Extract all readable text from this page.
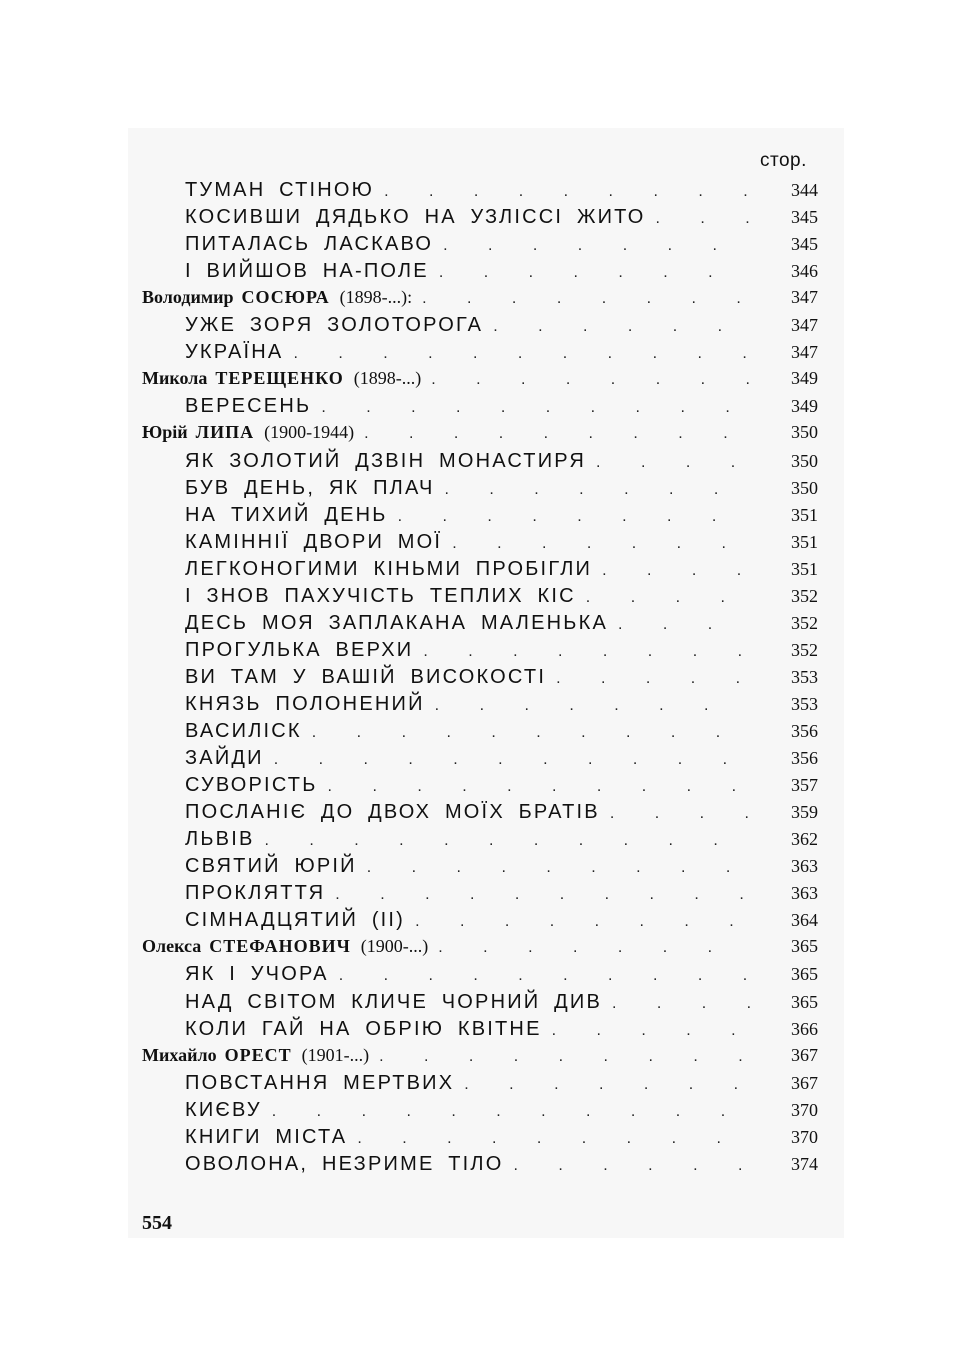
стор.
ТУМАН СТІНОЮ . . .	344
КОСИВШИ ДЯДЬКО НА УЗЛІССІ ЖИТО . . .	345
ПИТАЛАСЬ ЛАСКАВО . . .	345
І ВИЙШОВ НА-ПОЛЕ . . .	346
Володимир СОСЮРА (1898-...): . . .	347
УЖЕ ЗОРЯ ЗОЛОТОРОГА . . .	347
УКРАЇНА . . .	347
Микола ТЕРЕЩЕНКО (1898-...) . . .	349
ВЕРЕСЕНЬ . . .	349
Юрій ЛИПА (1900-1944) . . .	350
ЯК ЗОЛОТИЙ ДЗВІН МОНАСТИРЯ . . .	350
БУВ ДЕНЬ, ЯК ПЛАЧ . . .	350
НА ТИХИЙ ДЕНЬ . . .	351
КАМІННІЇ ДВОРИ МОЇ . . .	351
ЛЕГКОНОГИМИ КІНЬМИ ПРОБІГЛИ . . .	351
І ЗНОВ ПАХУЧІСТЬ ТЕПЛИХ КІС . . .	352
ДЕСЬ МОЯ ЗАПЛАКАНА МАЛЕНЬКА . . .	352
ПРОГУЛЬКА ВЕРХИ . . .	352
ВИ ТАМ У ВАШІЙ ВИСОКОСТІ . . .	353
КНЯЗЬ ПОЛОНЕНИЙ . . .	353
ВАСИЛІСК . . .	356
ЗАЙДИ . . .	356
СУВОРІСТЬ . . .	357
ПОСЛАНІЄ ДО ДВОХ МОЇХ БРАТІВ . . .	359
ЛЬВІВ . . .	362
СВЯТИЙ ЮРІЙ . . .	363
ПРОКЛЯТТЯ . . .	363
СІМНАДЦЯТИЙ (ІІ) . . .	364
Олекса СТЕФАНОВИЧ (1900-...) . . .	365
ЯК І УЧОРА . . .	365
НАД СВІТОМ КЛИЧЕ ЧОРНИЙ ДИВ . . .	365
КОЛИ ГАЙ НА ОБРІЮ КВІТНЕ . . .	366
Михайло ОРЕСТ (1901-...) . . .	367
ПОВСТАННЯ МЕРТВИХ . . .	367
КИЄВУ . . .	370
КНИГИ МІСТА . . .	370
ОВОЛОНА, НЕЗРИМЕ ТІЛО . . .	374
554
